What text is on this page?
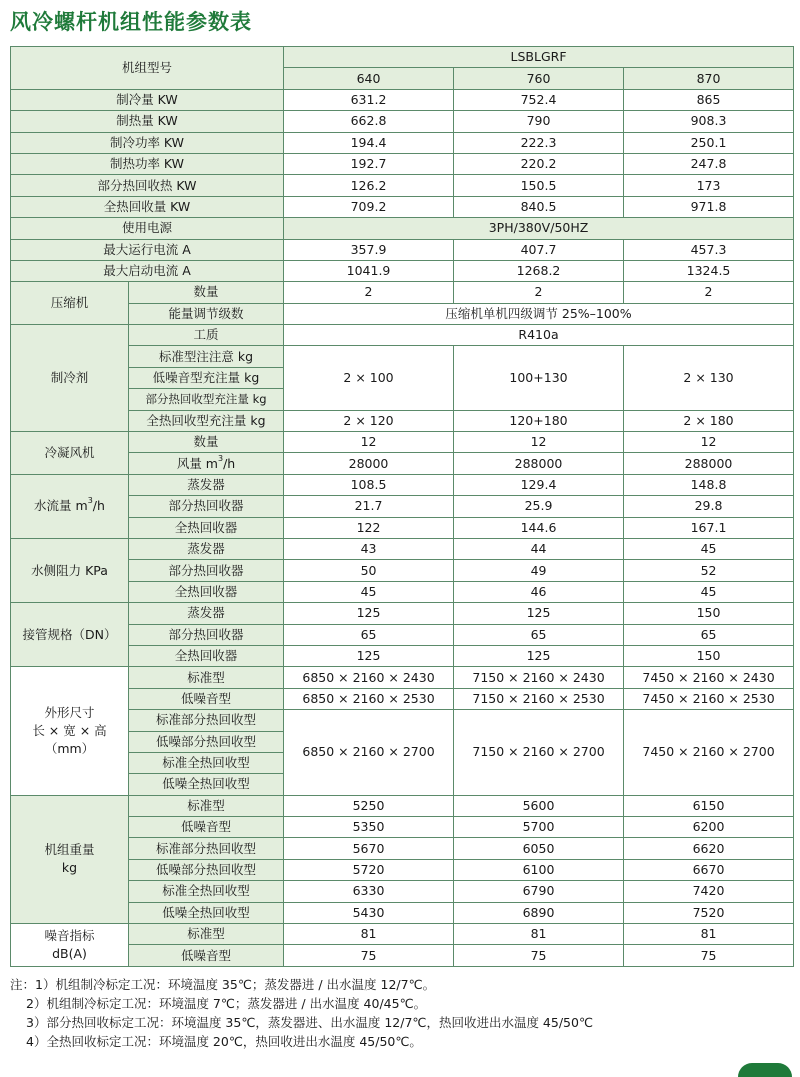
风冷螺杆机组性能参数表
机组型号		LSBLGRF		
		640	760	870
制冷量 KW		631.2	752.4	865
制热量 KW		662.8	790	908.3
制冷功率 KW		194.4	222.3	250.1
制热功率 KW		192.7	220.2	247.8
部分热回收热 KW		126.2	150.5	173
全热回收量 KW		709.2	840.5	971.8
使用电源		3PH/380V/50HZ		
最大运行电流 A		357.9	407.7	457.3
最大启动电流 A		1041.9	1268.2	1324.5
压缩机	数量	2	2	2
	能量调节级数	压缩机单机四级调节 25%–100%		
制冷剂	工质	R410a		
	标准型注注意 kg	2 × 100	100+130	2 × 130
	低噪音型充注量 kg			
	部分热回收型充注量 kg			
	全热回收型充注量 kg	2 × 120	120+180	2 × 180
冷凝风机	数量	12	12	12
	风量 $m^3/h$	28000	288000	288000
水流量 $m^3/h$	蒸发器	108.5	129.4	148.8
	部分热回收器	21.7	25.9	29.8
	全热回收器	122	144.6	167.1
水侧阻力 KPa	蒸发器	43	44	45
	部分热回收器	50	49	52
	全热回收器	45	46	45
接管规格（DN）	蒸发器	125	125	150
	部分热回收器	65	65	65
	全热回收器	125	125	150

外形尺寸
长 × 宽 × 高
（mm）	标准型	6850 × 2160 × 2430	7150 × 2160 × 2430	7450 × 2160 × 2430
	低噪音型	6850 × 2160 × 2530	7150 × 2160 × 2530	7450 × 2160 × 2530
	标准部分热回收型	6850 × 2160 × 2700	7150 × 2160 × 2700	7450 × 2160 × 2700
	低噪部分热回收型			
	标准全热回收型			
	低噪全热回收型			

机组重量
kg	标准型	5250	5600	6150
	低噪音型	5350	5700	6200
	标准部分热回收型	5670	6050	6620
	低噪部分热回收型	5720	6100	6670
	标准全热回收型	6330	6790	7420
	低噪全热回收型	5430	6890	7520

噪音指标
dB(A)	标准型	81	81	81
	低噪音型	75	75	75
注：1）机组制冷标定工况：环境温度 35℃；蒸发器进 / 出水温度 12/7℃。
2）机组制冷标定工况：环境温度 7℃；蒸发器进 / 出水温度 40/45℃。
3）部分热回收标定工况：环境温度 35℃，蒸发器进、出水温度 12/7℃，热回收进出水温度 45/50℃
4）全热回收标定工况：环境温度 20℃，热回收进出水温度 45/50℃。
